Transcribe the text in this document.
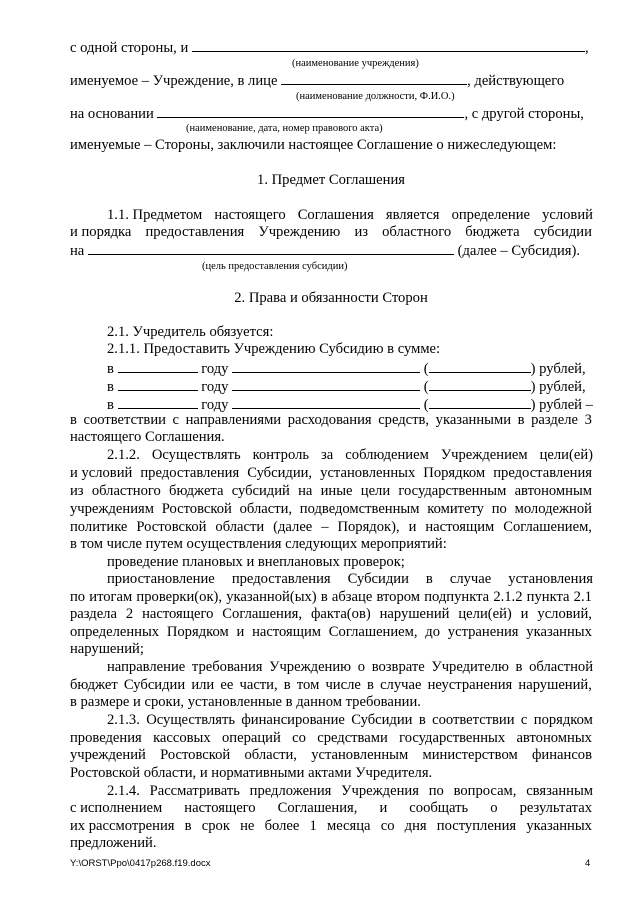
с одной стороны, и	,
(наименование учреждения)
именуемое – Учреждение, в лице	, действующего
(наименование должности, Ф.И.О.)
на основании	, с другой стороны,
(наименование, дата, номер правового акта)
именуемые – Стороны, заключили настоящее Соглашение о нижеследующем:
1. Предмет Соглашения
1.1. Предметом настоящего Соглашения является определение условий
и порядка предоставления Учреждению из областного бюджета субсидии
на	(далее – Субсидия).
(цель предоставления субсидии)
2. Права и обязанности Сторон
2.1. Учредитель обязуется:
2.1.1. Предоставить Учреждению Субсидию в сумме:
в	году	(	) рублей,
в	году	(	) рублей,
в	году	(	) рублей –
в соответствии с направлениями расходования средств, указанными в разделе 3
настоящего Соглашения.
2.1.2. Осуществлять контроль за соблюдением Учреждением цели(ей)
и условий предоставления Субсидии, установленных Порядком предоставления
из областного бюджета субсидий на иные цели государственным автономным
учреждениям Ростовской области, подведомственным комитету по молодежной
политике Ростовской области (далее – Порядок), и настоящим Соглашением,
в том числе путем осуществления следующих мероприятий:
проведение плановых и внеплановых проверок;
приостановление предоставления Субсидии в случае установления
по итогам проверки(ок), указанной(ых) в абзаце втором подпункта 2.1.2 пункта 2.1
раздела 2 настоящего Соглашения, факта(ов) нарушений цели(ей) и условий,
определенных Порядком и настоящим Соглашением, до устранения указанных
нарушений;
направление требования Учреждению о возврате Учредителю в областной
бюджет Субсидии или ее части, в том числе в случае неустранения нарушений,
в размере и сроки, установленные в данном требовании.
2.1.3. Осуществлять финансирование Субсидии в соответствии с порядком
проведения кассовых операций со средствами государственных автономных
учреждений Ростовской области, установленным министерством финансов
Ростовской области, и нормативными актами Учредителя.
2.1.4. Рассматривать предложения Учреждения по вопросам, связанным
с исполнением настоящего Соглашения, и сообщать о результатах
их рассмотрения в срок не более 1 месяца со дня поступления указанных
предложений.
Y:\ORST\Ppo\0417p268.f19.docx	4
